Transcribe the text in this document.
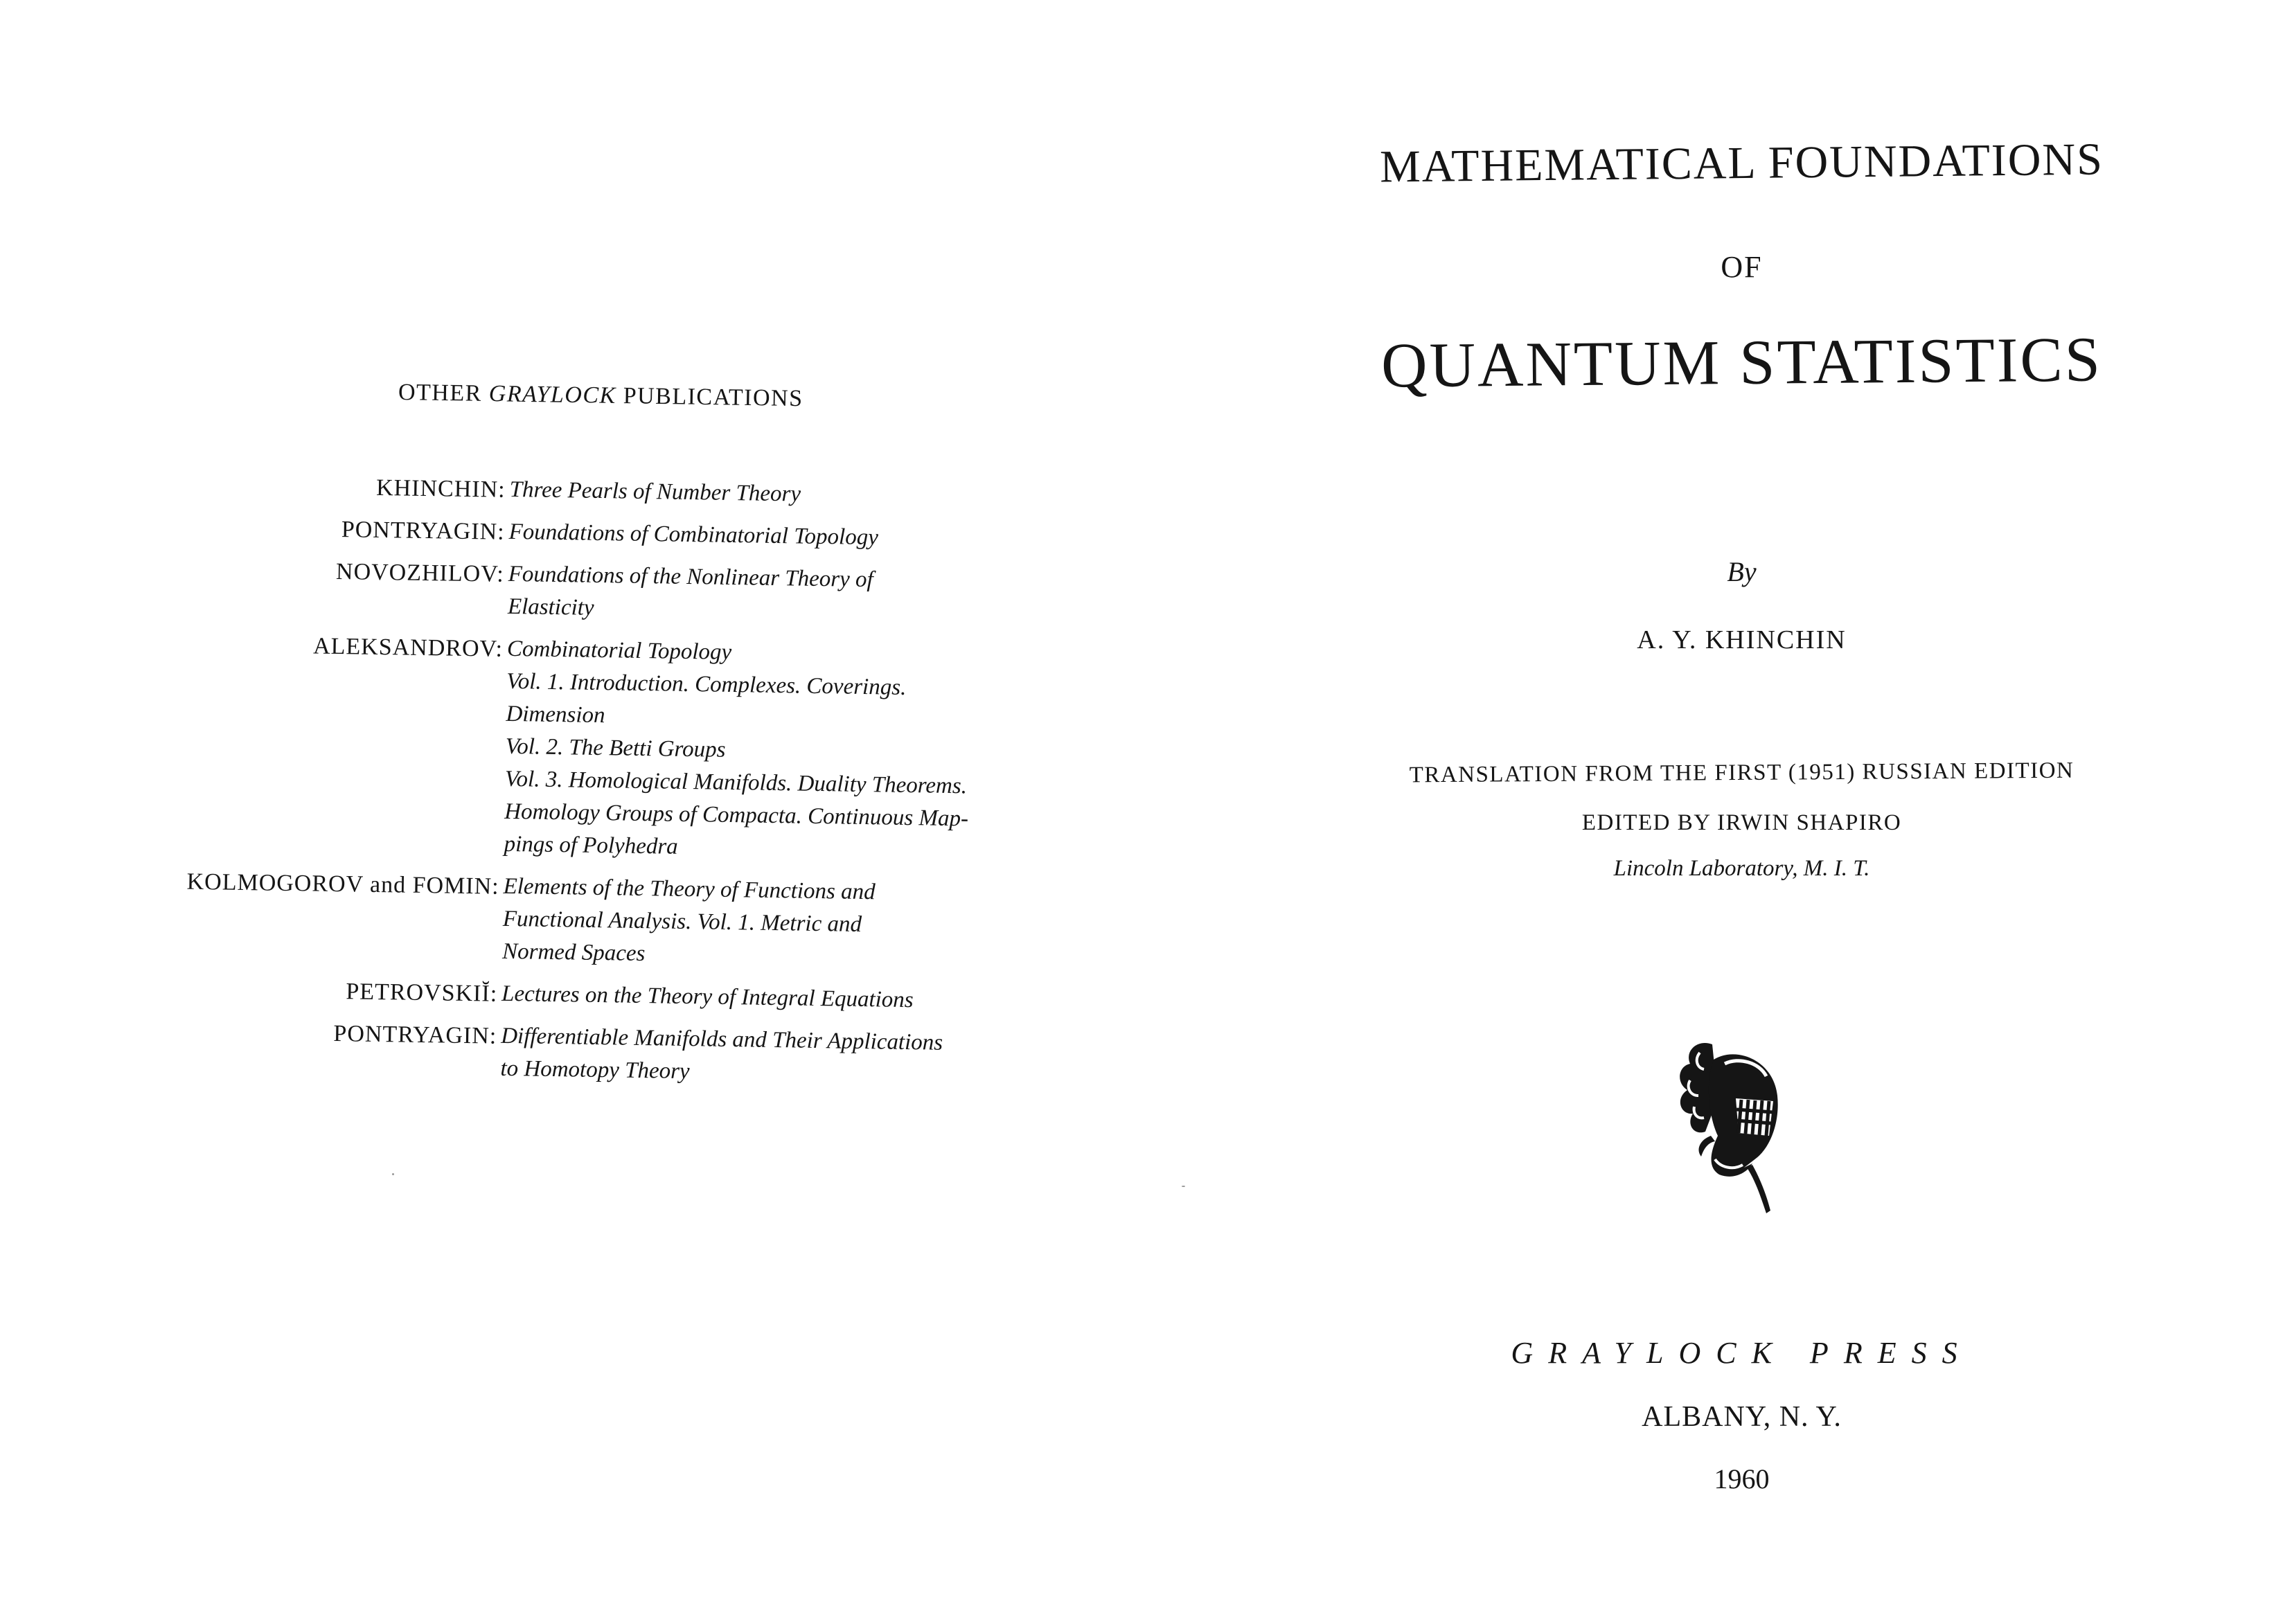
OTHER GRAYLOCK PUBLICATIONS
KHINCHIN: Three Pearls of Number Theory
PONTRYAGIN: Foundations of Combinatorial Topology
NOVOZHILOV: Foundations of the Nonlinear Theory of
Elasticity
ALEKSANDROV: Combinatorial Topology
Vol. 1. Introduction. Complexes. Coverings.
Dimension
Vol. 2. The Betti Groups
Vol. 3. Homological Manifolds. Duality Theorems.
Homology Groups of Compacta. Continuous Map-
pings of Polyhedra
KOLMOGOROV and FOMIN: Elements of the Theory of Functions and
Functional Analysis. Vol. 1. Metric and
Normed Spaces
PETROVSKIĬ: Lectures on the Theory of Integral Equations
PONTRYAGIN: Differentiable Manifolds and Their Applications
to Homotopy Theory
MATHEMATICAL FOUNDATIONS
OF
QUANTUM STATISTICS
By
A. Y. KHINCHIN
TRANSLATION FROM THE FIRST (1951) RUSSIAN EDITION
EDITED BY IRWIN SHAPIRO
Lincoln Laboratory, M. I. T.
GRAYLOCK PRESS
ALBANY, N. Y.
1960
